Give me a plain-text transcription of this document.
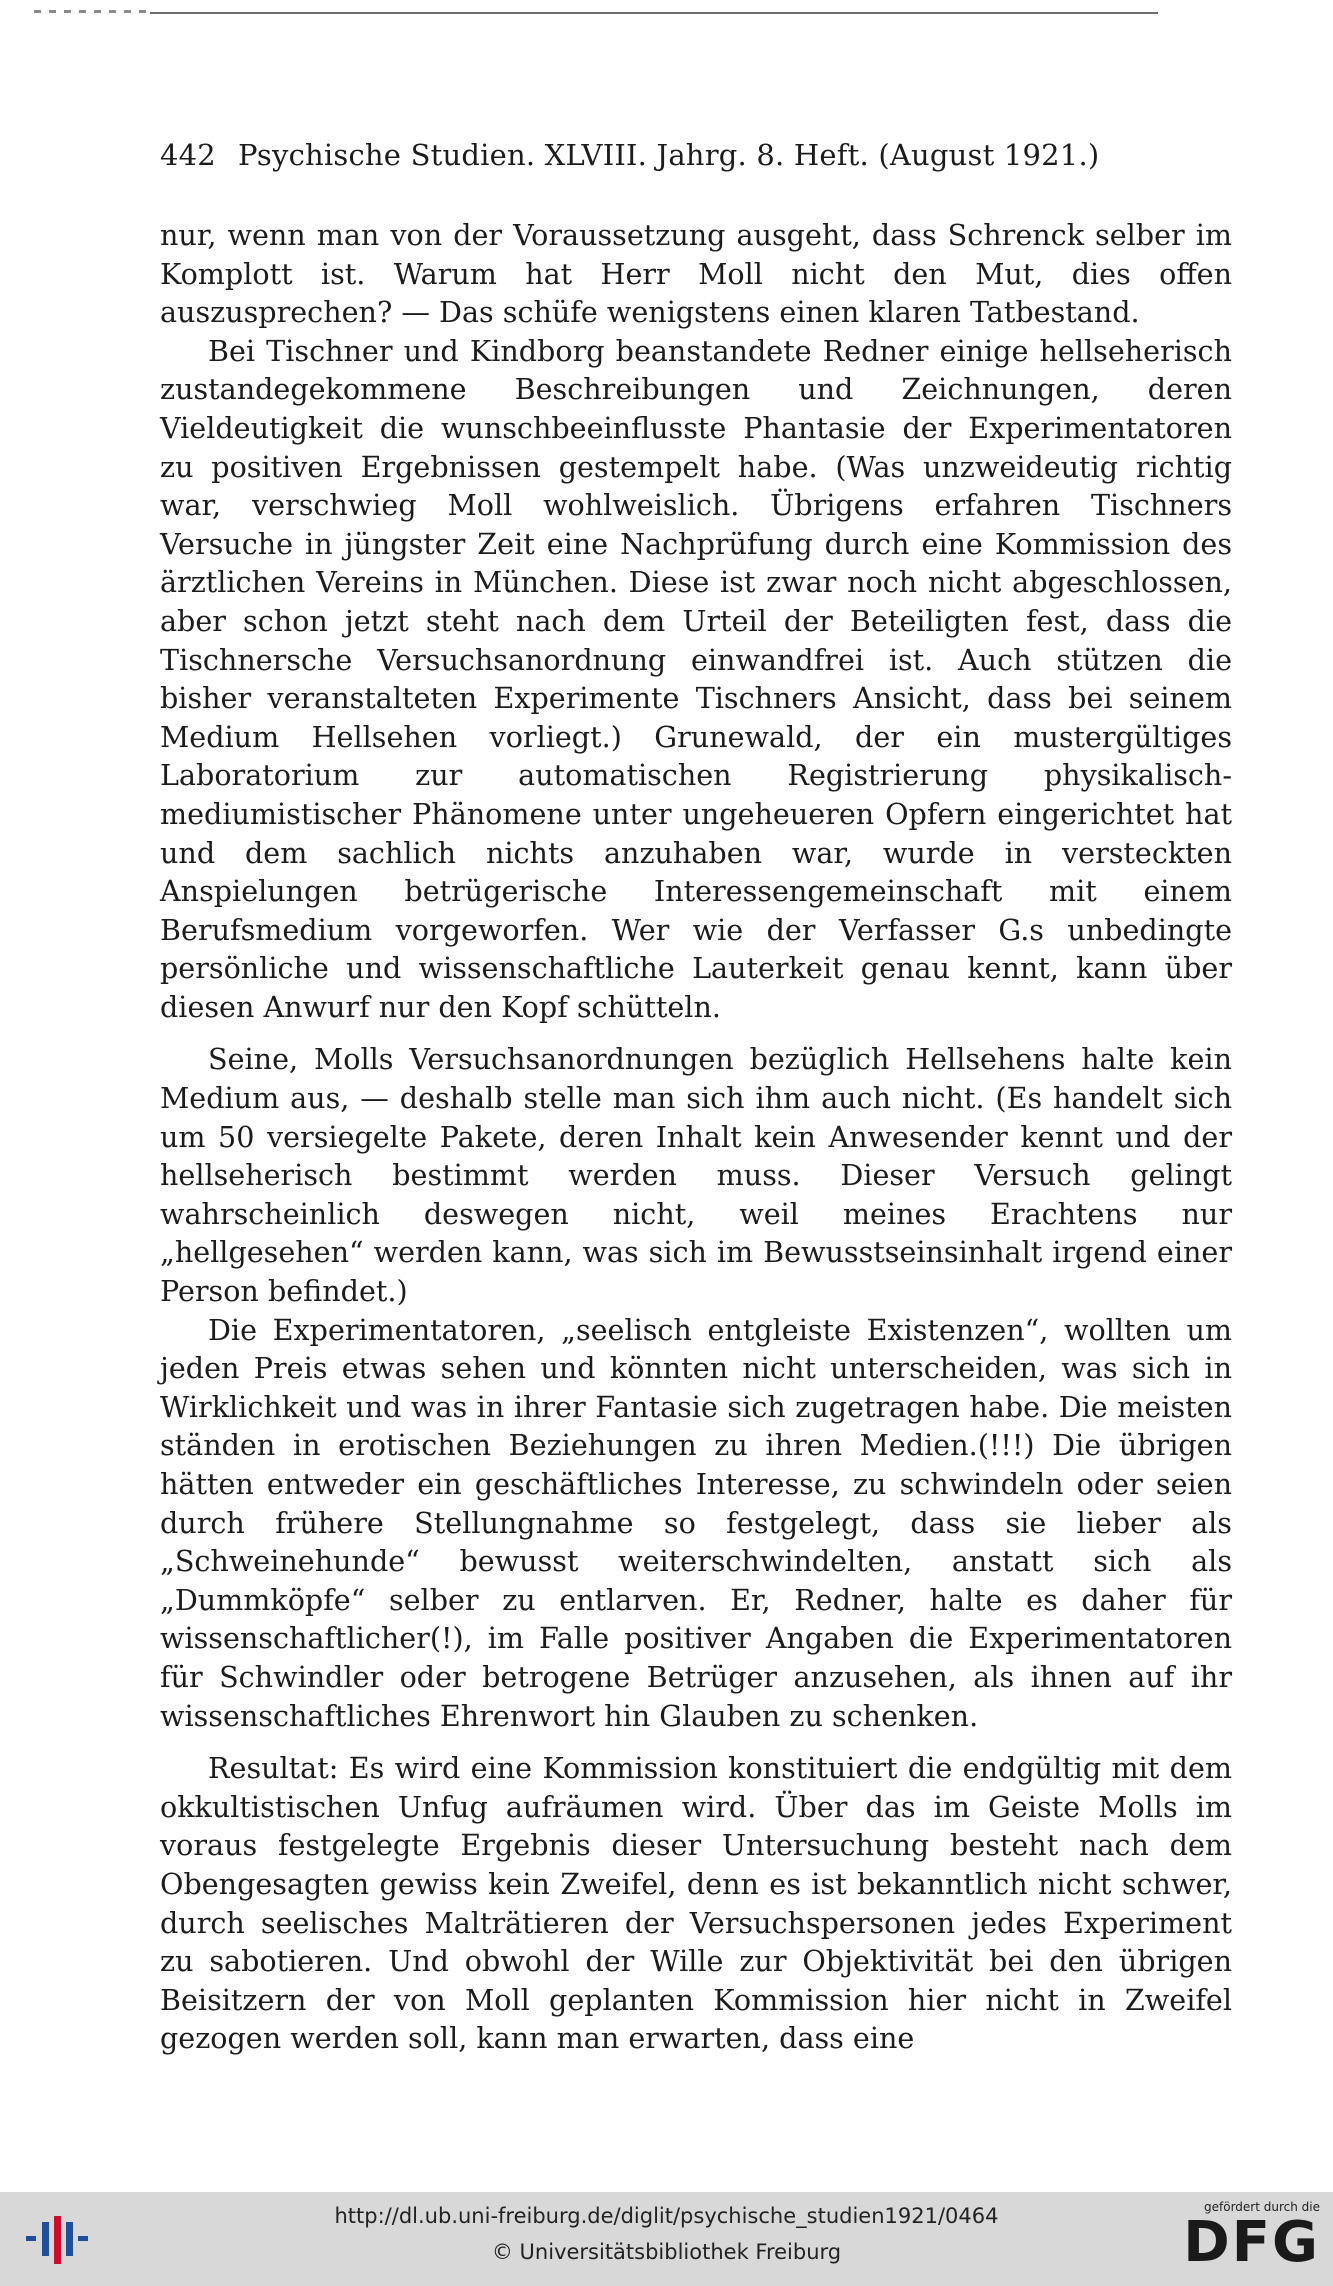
442 Psychische Studien. XLVIII. Jahrg. 8. Heft. (August 1921.)

nur, wenn man von der Voraussetzung ausgeht, dass Schrenck selber im Komplott ist. Warum hat Herr Moll nicht den Mut, dies offen auszusprechen? — Das schüfe wenigstens einen klaren Tatbestand.

Bei Tischner und Kindborg beanstandete Redner einige hellseherisch zustandegekommene Beschreibungen und Zeichnungen, deren Vieldeutigkeit die wunschbeeinflusste Phantasie der Experimentatoren zu positiven Ergebnissen gestempelt habe. (Was unzweideutig richtig war, verschwieg Moll wohlweislich. Übrigens erfahren Tischners Versuche in jüngster Zeit eine Nachprüfung durch eine Kommission des ärztlichen Vereins in München. Diese ist zwar noch nicht abgeschlossen, aber schon jetzt steht nach dem Urteil der Beteiligten fest, dass die Tischnersche Versuchsanordnung einwandfrei ist. Auch stützen die bisher veranstalteten Experimente Tischners Ansicht, dass bei seinem Medium Hellsehen vorliegt.) Grunewald, der ein mustergültiges Laboratorium zur automatischen Registrierung physikalisch-mediumistischer Phänomene unter ungeheueren Opfern eingerichtet hat und dem sachlich nichts anzuhaben war, wurde in versteckten Anspielungen betrügerische Interessengemeinschaft mit einem Berufsmedium vorgeworfen. Wer wie der Verfasser G.s unbedingte persönliche und wissenschaftliche Lauterkeit genau kennt, kann über diesen Anwurf nur den Kopf schütteln.

Seine, Molls Versuchsanordnungen bezüglich Hellsehens halte kein Medium aus, — deshalb stelle man sich ihm auch nicht. (Es handelt sich um 50 versiegelte Pakete, deren Inhalt kein Anwesender kennt und der hellseherisch bestimmt werden muss. Dieser Versuch gelingt wahrscheinlich deswegen nicht, weil meines Erachtens nur „hellgesehen“ werden kann, was sich im Bewusstseinsinhalt irgend einer Person befindet.)

Die Experimentatoren, „seelisch entgleiste Existenzen“, wollten um jeden Preis etwas sehen und könnten nicht unterscheiden, was sich in Wirklichkeit und was in ihrer Fantasie sich zugetragen habe. Die meisten ständen in erotischen Beziehungen zu ihren Medien.(!!!) Die übrigen hätten entweder ein geschäftliches Interesse, zu schwindeln oder seien durch frühere Stellungnahme so festgelegt, dass sie lieber als „Schweinehunde“ bewusst weiterschwindelten, anstatt sich als „Dummköpfe“ selber zu entlarven. Er, Redner, halte es daher für wissenschaftlicher(!), im Falle positiver Angaben die Experimentatoren für Schwindler oder betrogene Betrüger anzusehen, als ihnen auf ihr wissenschaftliches Ehrenwort hin Glauben zu schenken.

Resultat: Es wird eine Kommission konstituiert die endgültig mit dem okkultistischen Unfug aufräumen wird. Über das im Geiste Molls im voraus festgelegte Ergebnis dieser Untersuchung besteht nach dem Obengesagten gewiss kein Zweifel, denn es ist bekanntlich nicht schwer, durch seelisches Malträtieren der Versuchspersonen jedes Experiment zu sabotieren. Und obwohl der Wille zur Objektivität bei den übrigen Beisitzern der von Moll geplanten Kommission hier nicht in Zweifel gezogen werden soll, kann man erwarten, dass eine

http://dl.ub.uni-freiburg.de/diglit/psychische_studien1921/0464
© Universitätsbibliothek Freiburg
gefördert durch die
DFG
